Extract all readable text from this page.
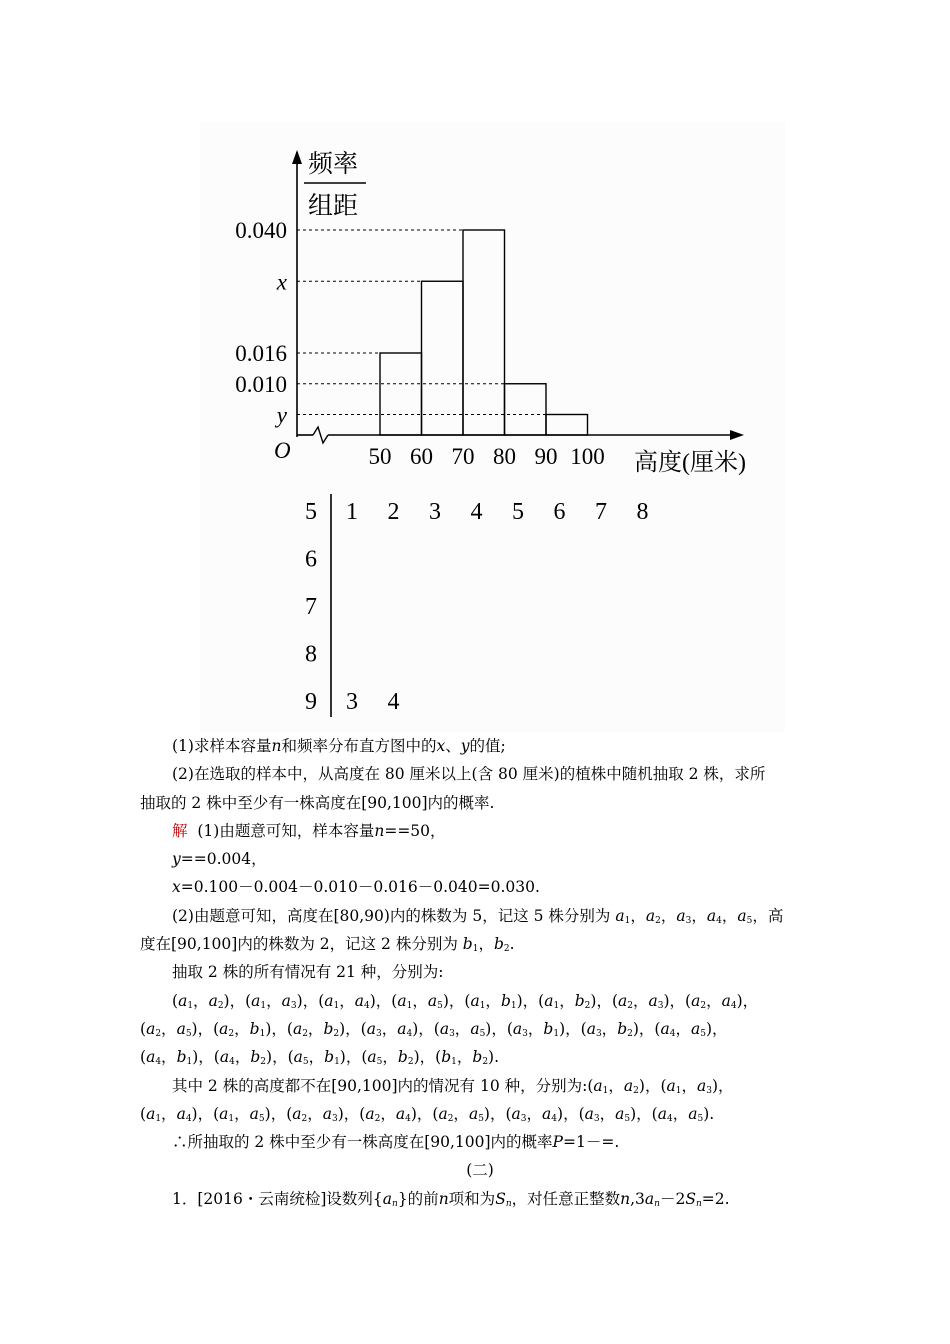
频率
组距
0.040
x
0.016
0.010
y
O	50 60 70 80 90 100 高度(厘米)
5 1 2 3 4 5 6 7 8
6
7
8
9 3 4

(1)求样本容量n和频率分布直方图中的x、y的值;

(2)在选取的样本中，从高度在 80 厘米以上(含 80 厘米)的植株中随机抽取 2 株，求所

抽取的 2 株中至少有一株高度在[90,100]内的概率.

解 (1)由题意可知，样本容量n==50，

y==0.004，

x=0.100－0.004－0.010－0.016－0.040=0.030.

(2)由题意可知，高度在[80,90)内的株数为 5，记这 5 株分别为 $a_1$，$a_2$，$a_3$，$a_4$，$a_5$，高

度在[90,100]内的株数为 2，记这 2 株分别为 $b_1$，$b_2$.

抽取 2 株的所有情况有 21 种，分别为:

($a_1$，$a_2$)，($a_1$，$a_3$)，($a_1$，$a_4$)，($a_1$，$a_5$)，($a_1$，$b_1$)，($a_1$，$b_2$)，($a_2$，$a_3$)，($a_2$，$a_4$)，

($a_2$，$a_5$)，($a_2$，$b_1$)，($a_2$，$b_2$)，($a_3$，$a_4$)，($a_3$，$a_5$)，($a_3$，$b_1$)，($a_3$，$b_2$)，($a_4$，$a_5$)，

($a_4$，$b_1$)，($a_4$，$b_2$)，($a_5$，$b_1$)，($a_5$，$b_2$)，($b_1$，$b_2$).

其中 2 株的高度都不在[90,100]内的情况有 10 种，分别为$:(a_1$，$a_2$)，($a_1$，$a_3$)，

($a_1$，$a_4$)，($a_1$，$a_5$)，($a_2$，$a_3$)，($a_2$，$a_4$)，($a_2$，$a_5$)，($a_3$，$a_4$)，($a_3$，$a_5$)，($a_4$，$a_5$).

∴所抽取的 2 株中至少有一株高度在[90,100]内的概率P=1－=.

(二)

1．[2016・云南统检]设数列$\{a_n\}$的前n项和为$S_n$，对任意正整数$n,3a_n-2S_n=2$.
